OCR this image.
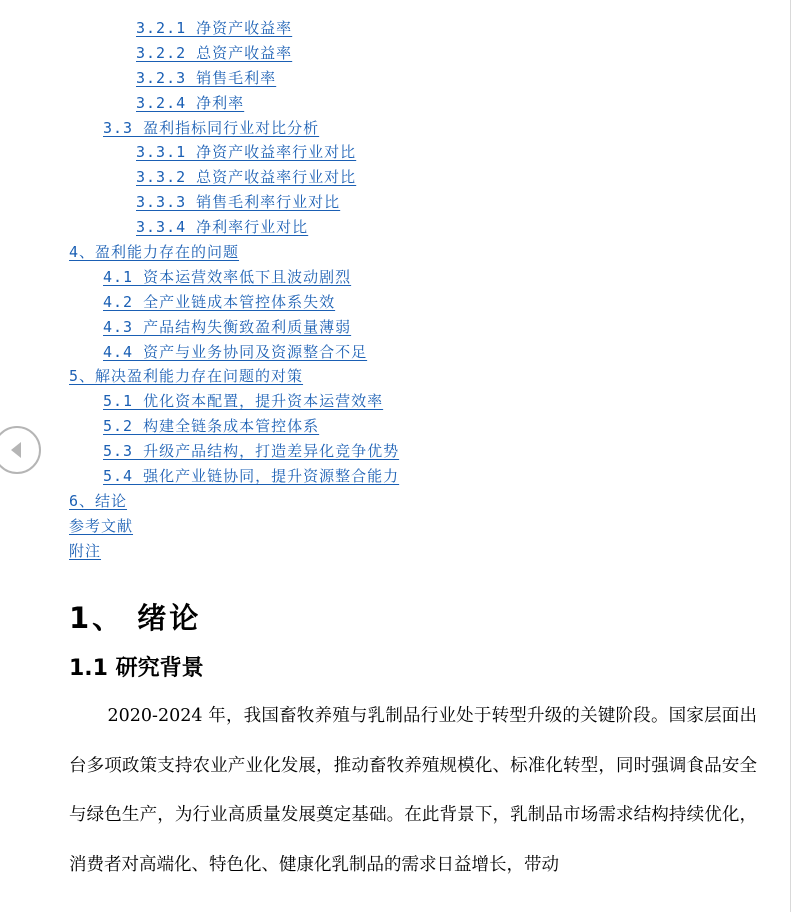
3.2.1 净资产收益率
3.2.2 总资产收益率
3.2.3 销售毛利率
3.2.4 净利率
3.3 盈利指标同行业对比分析
3.3.1 净资产收益率行业对比
3.3.2 总资产收益率行业对比
3.3.3 销售毛利率行业对比
3.3.4 净利率行业对比
4、盈利能力存在的问题
4.1 资本运营效率低下且波动剧烈
4.2 全产业链成本管控体系失效
4.3 产品结构失衡致盈利质量薄弱
4.4 资产与业务协同及资源整合不足
5、解决盈利能力存在问题的对策
5.1 优化资本配置，提升资本运营效率
5.2 构建全链条成本管控体系
5.3 升级产品结构，打造差异化竞争优势
5.4 强化产业链协同，提升资源整合能力
6、结论
参考文献
附注
1、 绪论
1.1 研究背景

2020-2024 年，我国畜牧养殖与乳制品行业处于转型升级的关键阶段。国家层面出台多项政策支持农业产业化发展，推动畜牧养殖规模化、标准化转型，同时强调食品安全与绿色生产，为行业高质量发展奠定基础。在此背景下，乳制品市场需求结构持续优化，消费者对高端化、特色化、健康化乳制品的需求日益增长，带动
